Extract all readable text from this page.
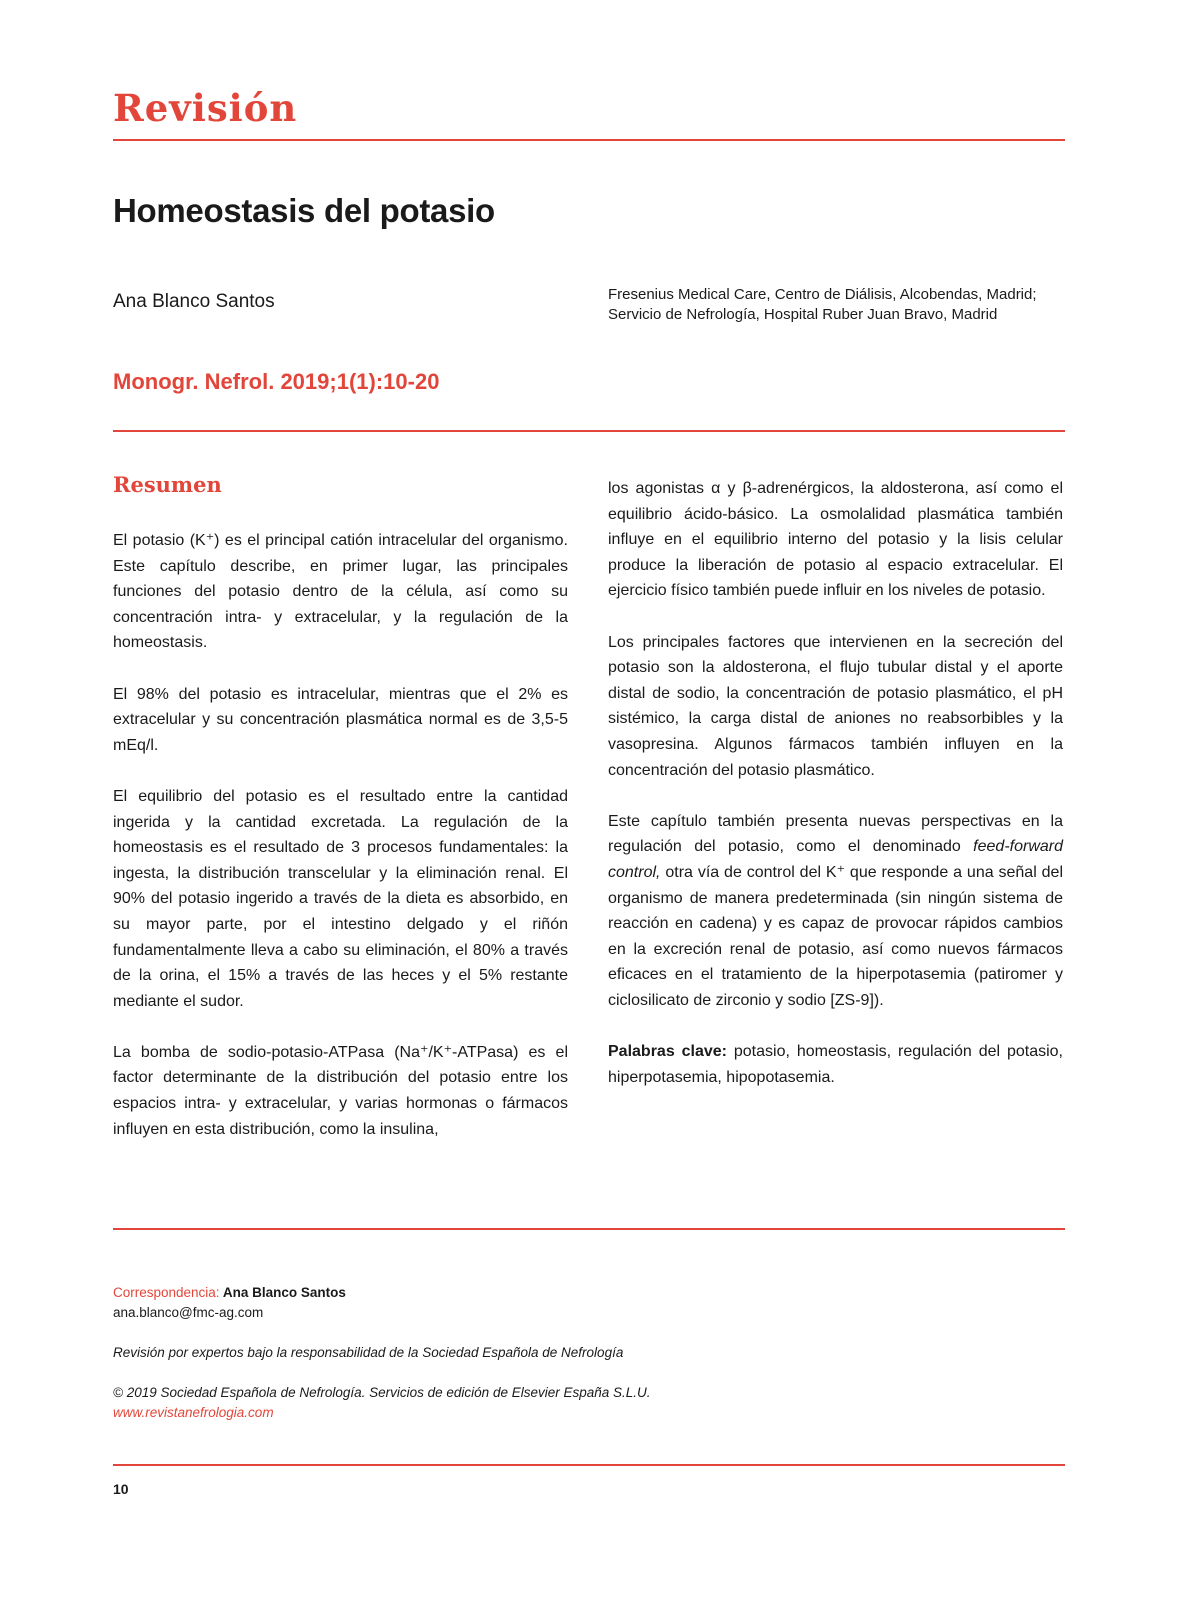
Revisión
Homeostasis del potasio
Ana Blanco Santos	Fresenius Medical Care, Centro de Diálisis, Alcobendas, Madrid; Servicio de Nefrología, Hospital Ruber Juan Bravo, Madrid
Monogr. Nefrol. 2019;1(1):10-20
Resumen

El potasio (K⁺) es el principal catión intracelular del organismo. Este capítulo describe, en primer lugar, las principales funciones del potasio dentro de la célula, así como su concentración intra- y extracelular, y la regulación de la homeostasis.

El 98% del potasio es intracelular, mientras que el 2% es extracelular y su concentración plasmática normal es de 3,5-5 mEq/l.

El equilibrio del potasio es el resultado entre la cantidad ingerida y la cantidad excretada. La regulación de la homeostasis es el resultado de 3 procesos fundamentales: la ingesta, la distribución transcelular y la eliminación renal. El 90% del potasio ingerido a través de la dieta es absorbido, en su mayor parte, por el intestino delgado y el riñón fundamentalmente lleva a cabo su eliminación, el 80% a través de la orina, el 15% a través de las heces y el 5% restante mediante el sudor.

La bomba de sodio-potasio-ATPasa (Na⁺/K⁺-ATPasa) es el factor determinante de la distribución del potasio entre los espacios intra- y extracelular, y varias hormonas o fármacos influyen en esta distribución, como la insulina,

los agonistas α y β-adrenérgicos, la aldosterona, así como el equilibrio ácido-básico. La osmolalidad plasmática también influye en el equilibrio interno del potasio y la lisis celular produce la liberación de potasio al espacio extracelular. El ejercicio físico también puede influir en los niveles de potasio.

Los principales factores que intervienen en la secreción del potasio son la aldosterona, el flujo tubular distal y el aporte distal de sodio, la concentración de potasio plasmático, el pH sistémico, la carga distal de aniones no reabsorbibles y la vasopresina. Algunos fármacos también influyen en la concentración del potasio plasmático.

Este capítulo también presenta nuevas perspectivas en la regulación del potasio, como el denominado feed-forward control, otra vía de control del K⁺ que responde a una señal del organismo de manera predeterminada (sin ningún sistema de reacción en cadena) y es capaz de provocar rápidos cambios en la excreción renal de potasio, así como nuevos fármacos eficaces en el tratamiento de la hiperpotasemia (patiromer y ciclosilicato de zirconio y sodio [ZS-9]).

Palabras clave: potasio, homeostasis, regulación del potasio, hiperpotasemia, hipopotasemia.

Correspondencia: Ana Blanco Santos
ana.blanco@fmc-ag.com
Revisión por expertos bajo la responsabilidad de la Sociedad Española de Nefrología
© 2019 Sociedad Española de Nefrología. Servicios de edición de Elsevier España S.L.U.
www.revistanefrologia.com
10
